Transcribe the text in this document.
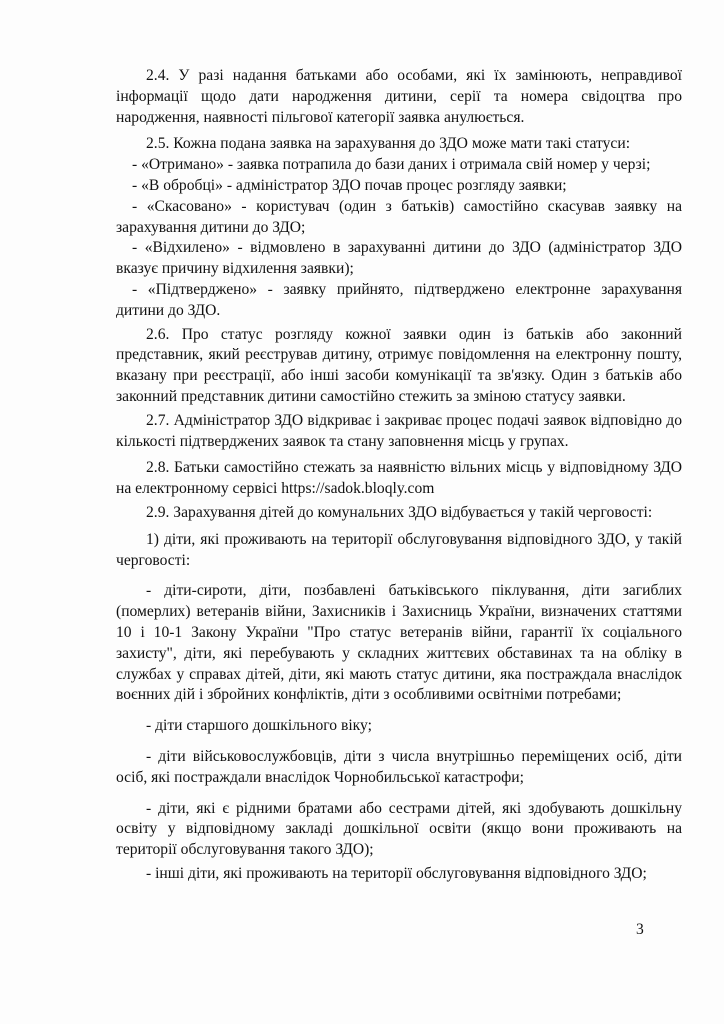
2.4. У разі надання батьками або особами, які їх замінюють, неправдивої інформації щодо дати народження дитини, серії та номера свідоцтва про народження, наявності пільгової категорії заявка анулюється.

2.5. Кожна подана заявка на зарахування до ЗДО може мати такі статуси:

- «Отримано» - заявка потрапила до бази даних і отримала свій номер у черзі;

- «В обробці» - адміністратор ЗДО почав процес розгляду заявки;

- «Скасовано» - користувач (один з батьків) самостійно скасував заявку на зарахування дитини до ЗДО;

- «Відхилено» - відмовлено в зарахуванні дитини до ЗДО (адміністратор ЗДО вказує причину відхилення заявки);

- «Підтверджено» - заявку прийнято, підтверджено електронне зарахування дитини до ЗДО.

2.6. Про статус розгляду кожної заявки один із батьків або законний представник, який реєстрував дитину, отримує повідомлення на електронну пошту, вказану при реєстрації, або інші засоби комунікації та зв'язку. Один з батьків або законний представник дитини самостійно стежить за зміною статусу заявки.

2.7. Адміністратор ЗДО відкриває і закриває процес подачі заявок відповідно до кількості підтверджених заявок та стану заповнення місць у групах.

2.8. Батьки самостійно стежать за наявністю вільних місць у відповідному ЗДО на електронному сервісі https://sadok.bloqly.com

2.9. Зарахування дітей до комунальних ЗДО відбувається у такій черговості:

1) діти, які проживають на території обслуговування відповідного ЗДО, у такій черговості:

- діти-сироти, діти, позбавлені батьківського піклування, діти загиблих (померлих) ветеранів війни, Захисників і Захисниць України, визначених статтями 10 і 10-1 Закону України "Про статус ветеранів війни, гарантії їх соціального захисту", діти, які перебувають у складних життєвих обставинах та на обліку в службах у справах дітей, діти, які мають статус дитини, яка постраждала внаслідок воєнних дій і збройних конфліктів, діти з особливими освітніми потребами;

- діти старшого дошкільного віку;

- діти військовослужбовців, діти з числа внутрішньо переміщених осіб, діти осіб, які постраждали внаслідок Чорнобильської катастрофи;

- діти, які є рідними братами або сестрами дітей, які здобувають дошкільну освіту у відповідному закладі дошкільної освіти (якщо вони проживають на території обслуговування такого ЗДО);

- інші діти, які проживають на території обслуговування відповідного ЗДО;

3
